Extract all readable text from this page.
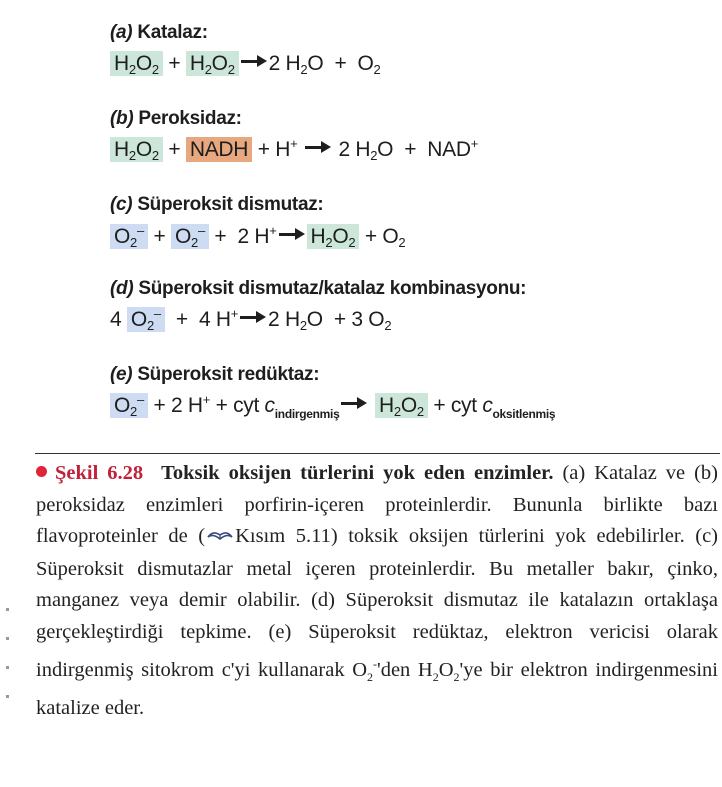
(a) Katalaz:
$H_2O_2 + H_2O_2$ 2 $H_2O + O_2$
(b) Peroksidaz:
$H_2O_2$ + NADH + H+  2 $H_2O + NAD^+$
(c) Süperoksit dismutaz:
$O_2^- + O_2^- + 2$ H+ $H_2O_2 + O_2$
(d) Süperoksit dismutaz/katalaz kombinasyonu:
4 $O_2^- + 4$ H+ 2 $H_2O + 3$ $O_2$
(e) Süperoksit redüktaz:
$O_2^- + 2$ H+ + cyt $c_{indirgenmiş}$ $H_2O_2$ + cyt $c_{oksitlenmiş}$
Şekil 6.28 Toksik oksijen türlerini yok eden enzimler. (a) Katalaz ve (b) peroksidaz enzimleri porfirin-içeren proteinlerdir. Bununla birlikte bazı flavoproteinler de ( Kısım 5.11) toksik oksijen türlerini yok edebilirler. (c) Süperoksit dismutazlar metal içeren proteinlerdir. Bu metaller bakır, çinko, manganez veya demir olabilir. (d) Süperoksit dismutaz ile katalazın ortaklaşa gerçekleştirdiği tepkime. (e) Süperoksit redüktaz, elektron vericisi olarak indirgenmiş sitokrom c'yi kullanarak $O_2^-'den$ $H_2O_2'ye$ bir elektron indirgenmesini katalize eder.
